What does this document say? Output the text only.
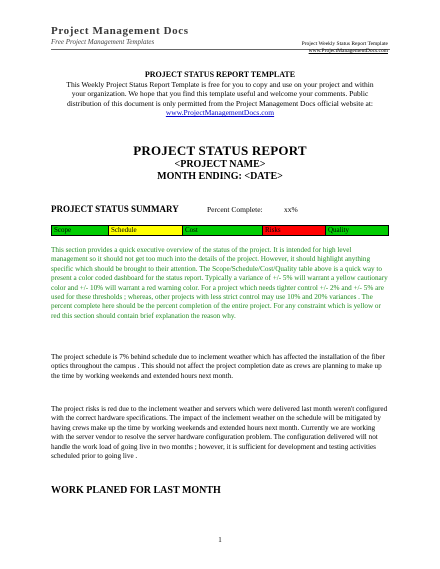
Project Management Docs
Free Project Management Templates	Project Weekly Status Report Template
www.ProjectManagementDocs.com
PROJECT STATUS REPORT TEMPLATE
This Weekly Project Status Report Template is free for you to copy and use on your project and within your organization. We hope that you find this template useful and welcome your comments. Public distribution of this document is only permitted from the Project Management Docs official website at:
www.ProjectManagementDocs.com
PROJECT STATUS REPORT
<PROJECT NAME>
MONTH ENDING: <DATE>
PROJECT STATUS SUMMARY	Percent Complete:	xx%
Scope	Schedule	Cost	Risks	Quality
This section provides a quick executive overview of the status of the project. It is intended for high level management so it should not get too much into the details of the project. However, it should highlight anything specific which should be brought to their attention. The Scope/Schedule/Cost/Quality table above is a quick way to present a color coded dashboard for the status report. Typically a variance of +/- 5% will warrant a yellow cautionary color and +/- 10% will warrant a red warning color. For a project which needs tighter control +/- 2% and +/- 5% are used for these thresholds ; whereas, other projects with less strict control may use 10% and 20% variances . The percent complete here should be the percent completion of the entire project. For any constraint which is yellow or red this section should contain brief explanation the reason why.
The project schedule is 7% behind schedule due to inclement weather which has affected the installation of the fiber optics throughout the campus . This should not affect the project completion date as crews are planning to make up the time by working weekends and extended hours next month.
The project risks is red due to the inclement weather and servers which were delivered last month weren't configured with the correct hardware specifications. The impact of the inclement weather on the schedule will be mitigated by having crews make up the time by working weekends and extended hours next month. Currently we are working with the server vendor to resolve the server hardware configuration problem. The configuration delivered will not handle the work load of going live in two months ; however, it is sufficient for development and testing activities scheduled prior to going live .
WORK PLANED FOR LAST MONTH
1
